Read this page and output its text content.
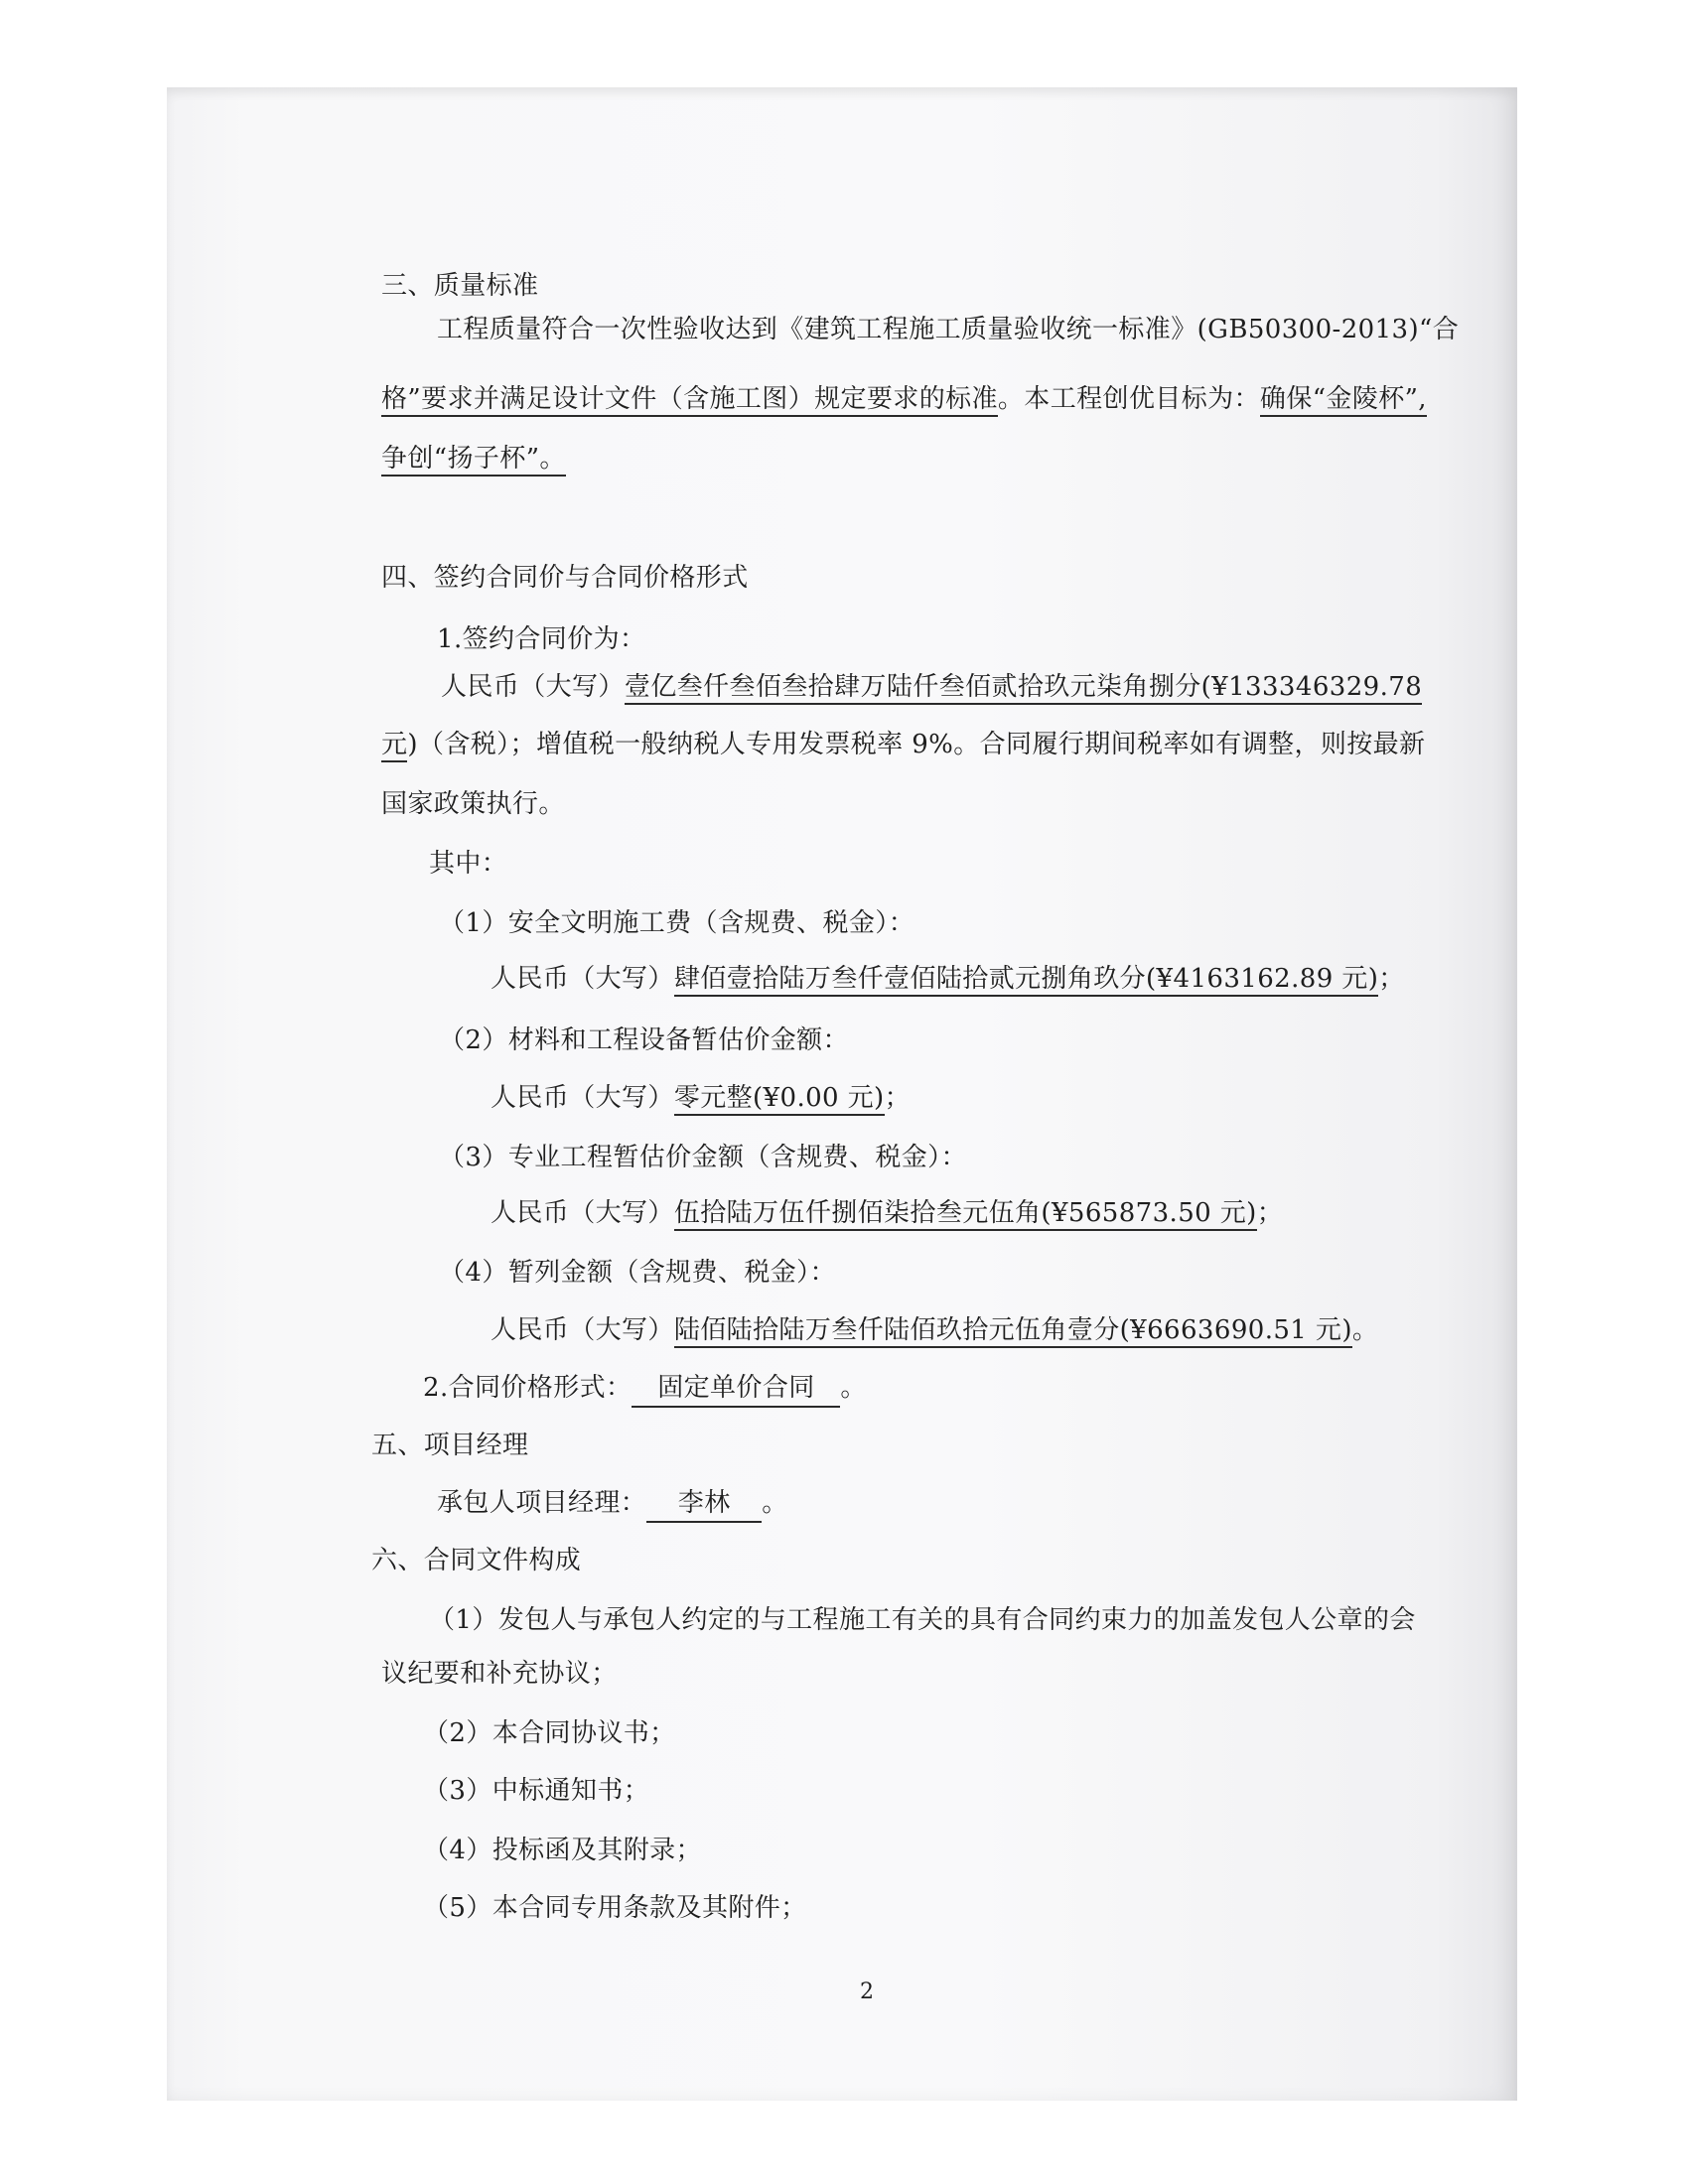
三、质量标准
工程质量符合一次性验收达到《建筑工程施工质量验收统一标准》(GB50300-2013)“合
格”要求并满足设计文件（含施工图）规定要求的标准。本工程创优目标为：确保“金陵杯”,
争创“扬子杯”。
四、签约合同价与合同价格形式
1.签约合同价为：
人民币（大写）壹亿叁仟叁佰叁拾肆万陆仟叁佰贰拾玖元柒角捌分(¥133346329.78
元)（含税）；增值税一般纳税人专用发票税率 9%。合同履行期间税率如有调整，则按最新
国家政策执行。
其中：
（1）安全文明施工费（含规费、税金）：
人民币（大写）肆佰壹拾陆万叁仟壹佰陆拾贰元捌角玖分(¥4163162.89 元)；
（2）材料和工程设备暂估价金额：
人民币（大写）零元整(¥0.00 元)；
（3）专业工程暂估价金额（含规费、税金）：
人民币（大写）伍拾陆万伍仟捌佰柒拾叁元伍角(¥565873.50 元)；
（4）暂列金额（含规费、税金）：
人民币（大写）陆佰陆拾陆万叁仟陆佰玖拾元伍角壹分(¥6663690.51 元)。
2.合同价格形式： 固定单价合同 。
五、项目经理
承包人项目经理： 李林 。
六、合同文件构成
（1）发包人与承包人约定的与工程施工有关的具有合同约束力的加盖发包人公章的会
议纪要和补充协议；
（2）本合同协议书；
（3）中标通知书；
（4）投标函及其附录；
（5）本合同专用条款及其附件；
2
